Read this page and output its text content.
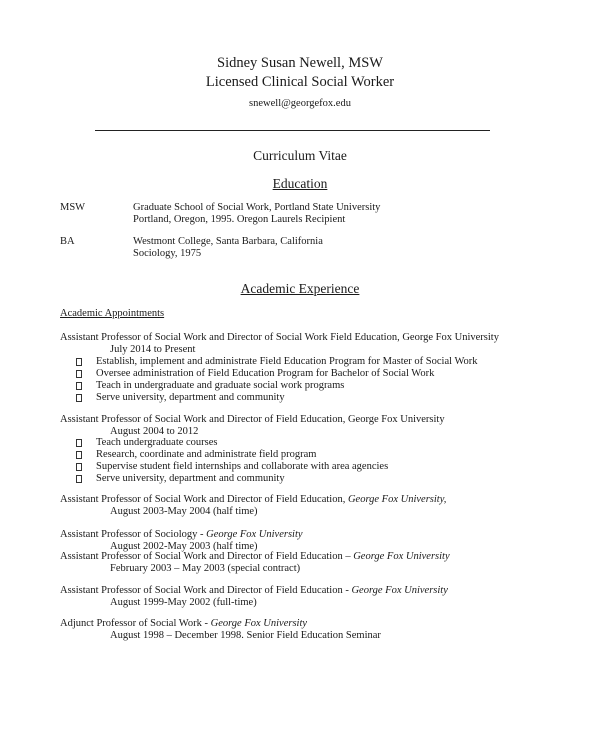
Sidney Susan Newell, MSW
Licensed Clinical Social Worker
snewell@georgefox.edu
Curriculum Vitae
Education
MSW	Graduate School of Social Work, Portland State University
Portland, Oregon, 1995. Oregon Laurels Recipient
BA	Westmont College, Santa Barbara, California
Sociology, 1975
Academic Experience
Academic Appointments
Assistant Professor of Social Work and Director of Social Work Field Education, George Fox University
July 2014 to Present
Establish, implement and administrate Field Education Program for Master of Social Work
Oversee administration of Field Education Program for Bachelor of Social Work
Teach in undergraduate and graduate social work programs
Serve university, department and community
Assistant Professor of Social Work and Director of Field Education, George Fox University
August 2004 to 2012
Teach undergraduate courses
Research, coordinate and administrate field program
Supervise student field internships and collaborate with area agencies
Serve university, department and community
Assistant Professor of Social Work and Director of Field Education, George Fox University,
August 2003-May 2004 (half time)
Assistant Professor of Sociology - George Fox University
August 2002-May 2003 (half time)
Assistant Professor of Social Work and Director of Field Education – George Fox University
February 2003 – May 2003 (special contract)
Assistant Professor of Social Work and Director of Field Education - George Fox University
August 1999-May 2002 (full-time)
Adjunct Professor of Social Work - George Fox University
August 1998 – December 1998. Senior Field Education Seminar
